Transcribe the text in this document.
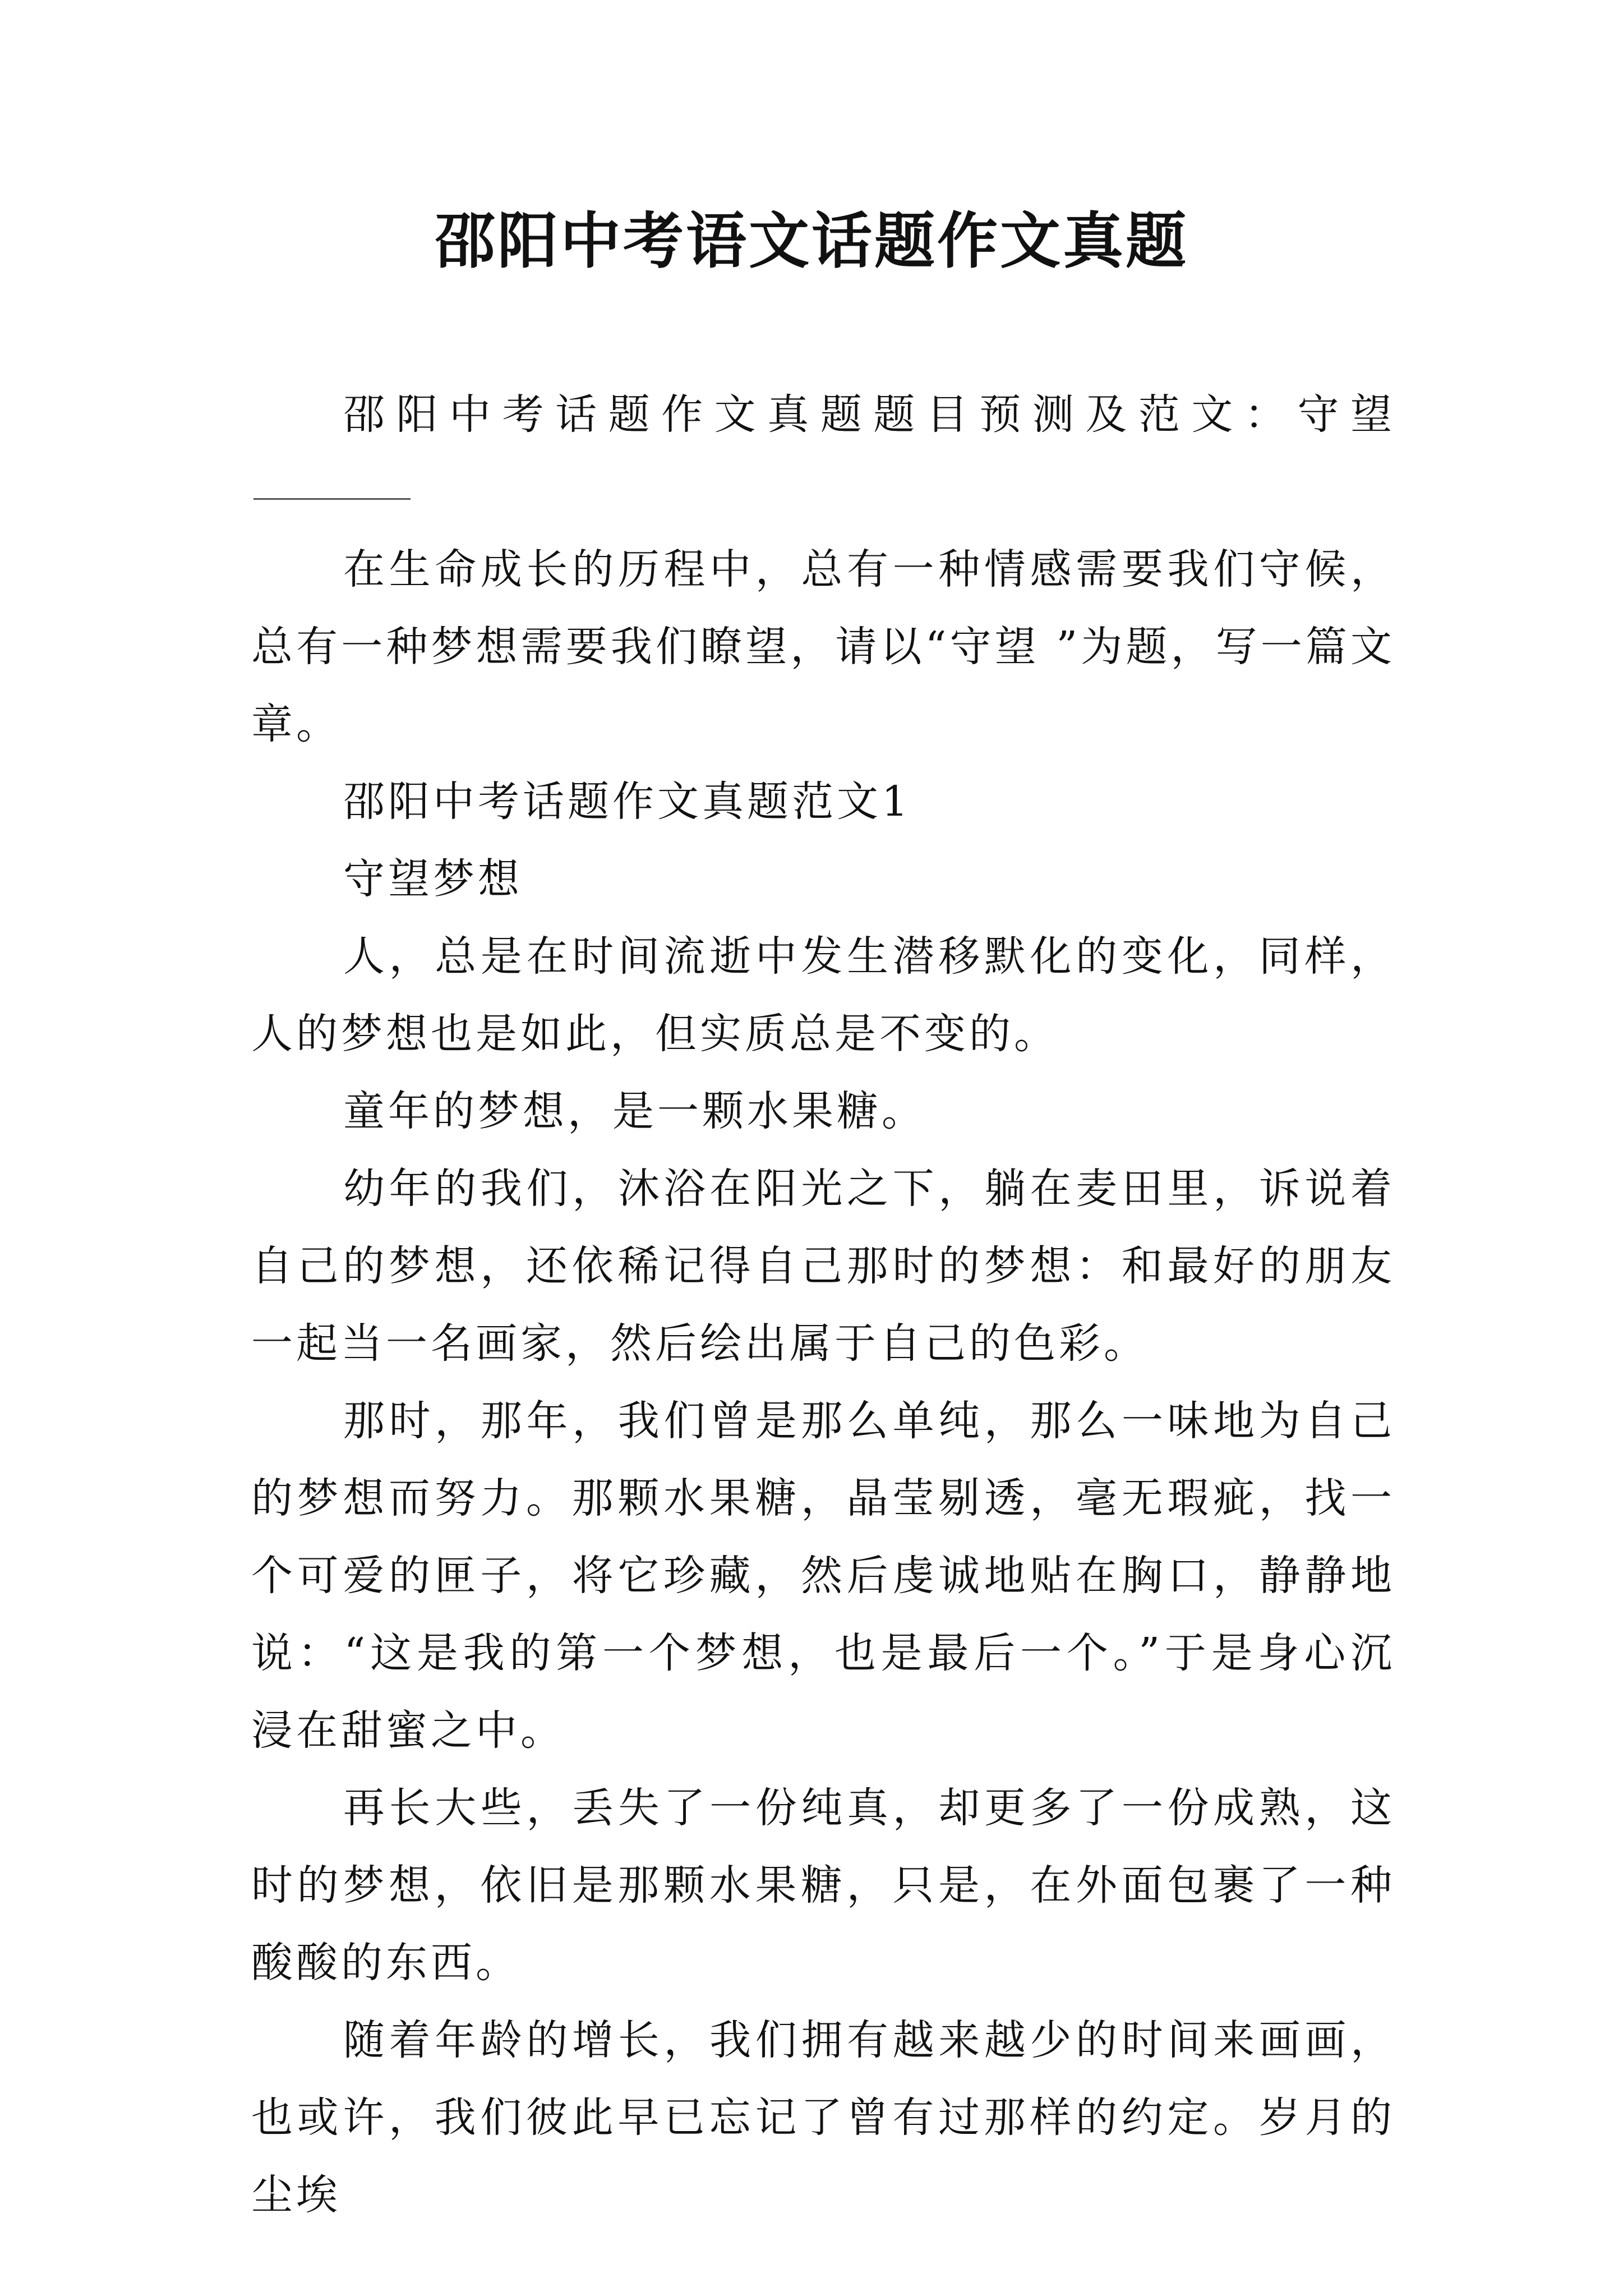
邵阳中考语文话题作文真题

邵阳中考话题作文真题题目预测及范文：守望

在生命成长的历程中，总有一种情感需要我们守候，总有一种梦想需要我们瞭望，请以“守望 ”为题，写一篇文章。

邵阳中考话题作文真题范文1

守望梦想

人，总是在时间流逝中发生潜移默化的变化，同样，人的梦想也是如此，但实质总是不变的。

童年的梦想，是一颗水果糖。

幼年的我们，沐浴在阳光之下，躺在麦田里，诉说着自己的梦想，还依稀记得自己那时的梦想：和最好的朋友一起当一名画家，然后绘出属于自己的色彩。

那时，那年，我们曾是那么单纯，那么一味地为自己的梦想而努力。那颗水果糖，晶莹剔透，毫无瑕疵，找一个可爱的匣子，将它珍藏，然后虔诚地贴在胸口，静静地说：“这是我的第一个梦想，也是最后一个。”于是身心沉浸在甜蜜之中。

再长大些，丢失了一份纯真，却更多了一份成熟，这时的梦想，依旧是那颗水果糖，只是，在外面包裹了一种酸酸的东西。

随着年龄的增长，我们拥有越来越少的时间来画画，也或许，我们彼此早已忘记了曾有过那样的约定。岁月的尘埃
